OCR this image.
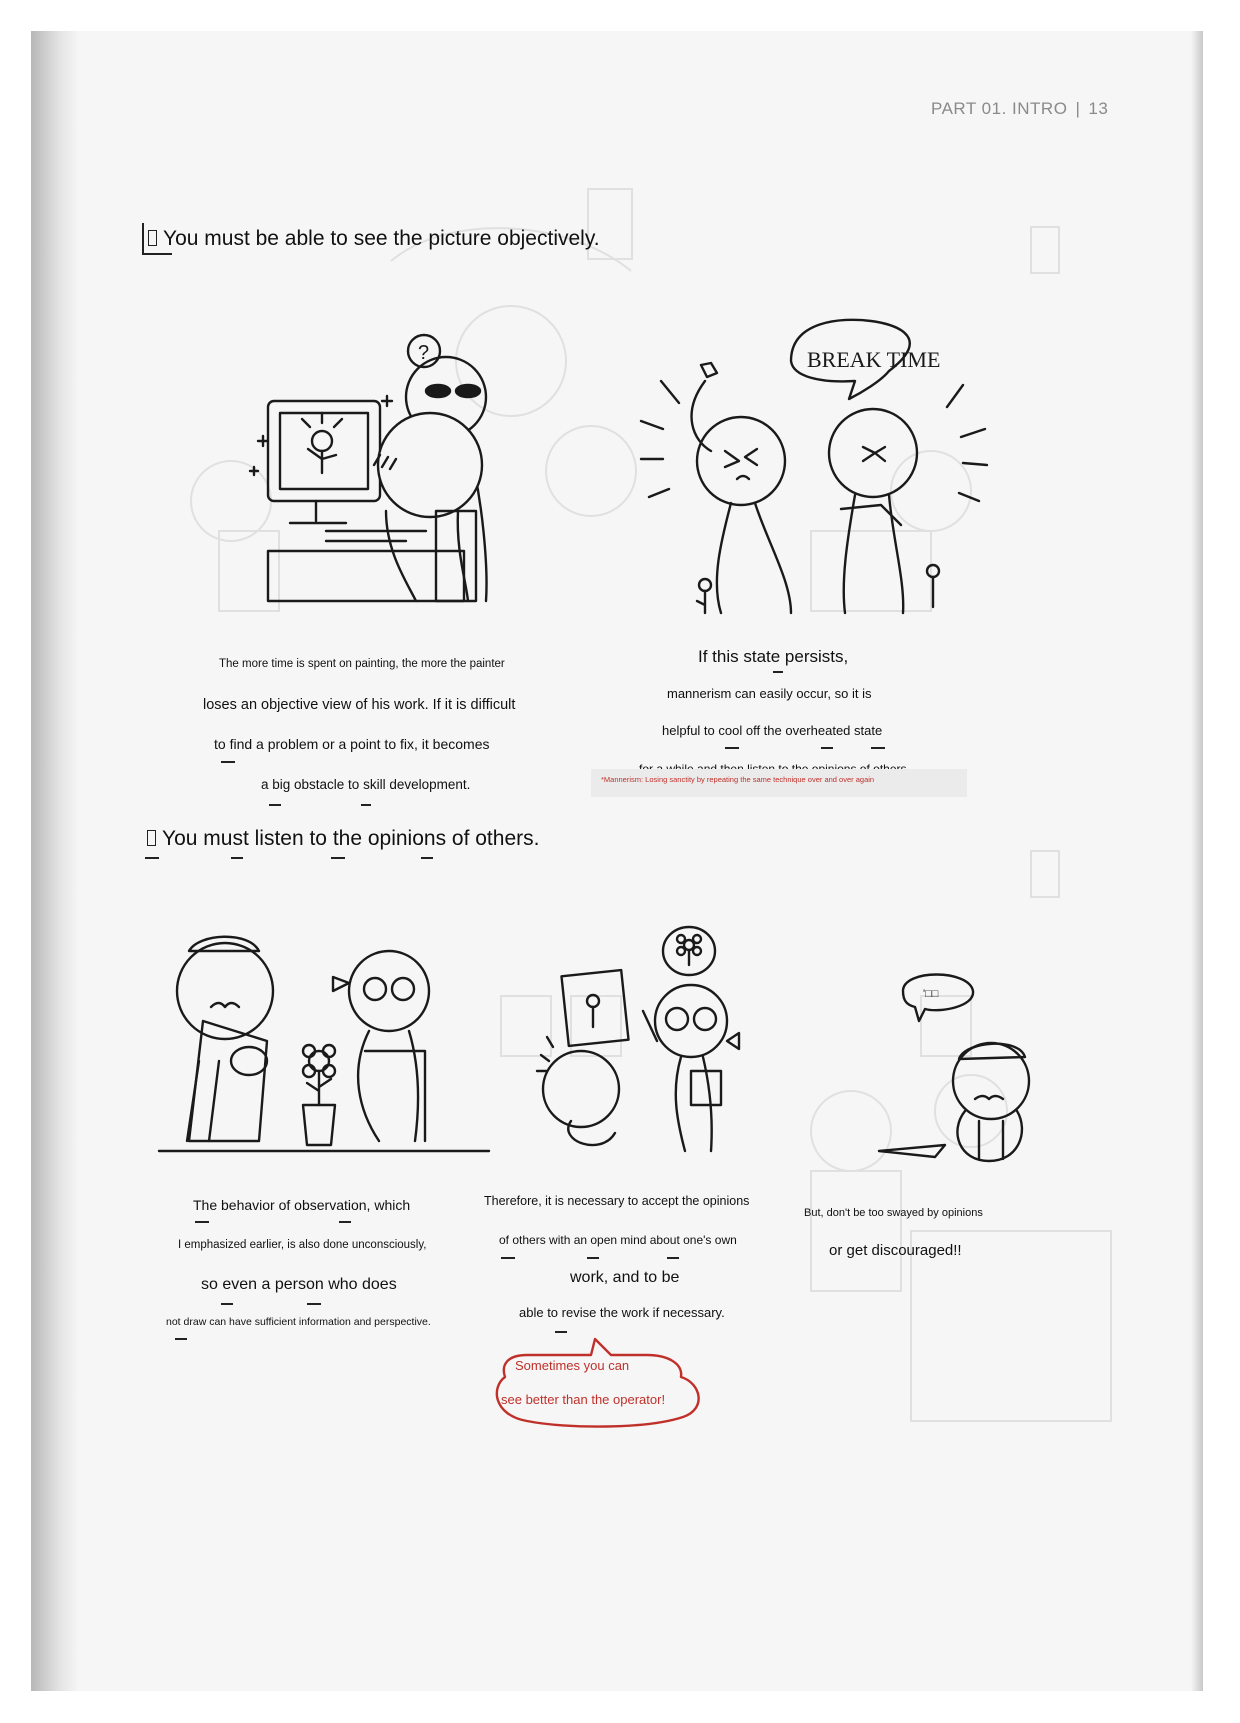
PART 01. INTRO | 13
You must be able to see the picture objectively.
?	BREAK TIME
The more time is spent on painting, the more the painter
loses an objective view of his work. If it is difficult
to find a problem or a point to fix, it becomes
a big obstacle to skill development.
If this state persists,
mannerism can easily occur, so it is
helpful to cool off the overheated state
*Mannerism: Losing sanctity by repeating the same technique over and over again
You must listen to the opinions of others.
'□□
The behavior of observation, which
I emphasized earlier, is also done unconsciously,
so even a person who does
not draw can have sufficient information and perspective.
Therefore, it is necessary to accept the opinions
of others with an open mind about one's own
work, and to be
able to revise the work if necessary.
But, don't be too swayed by opinions
or get discouraged!!
Sometimes you can
see better than the operator!
